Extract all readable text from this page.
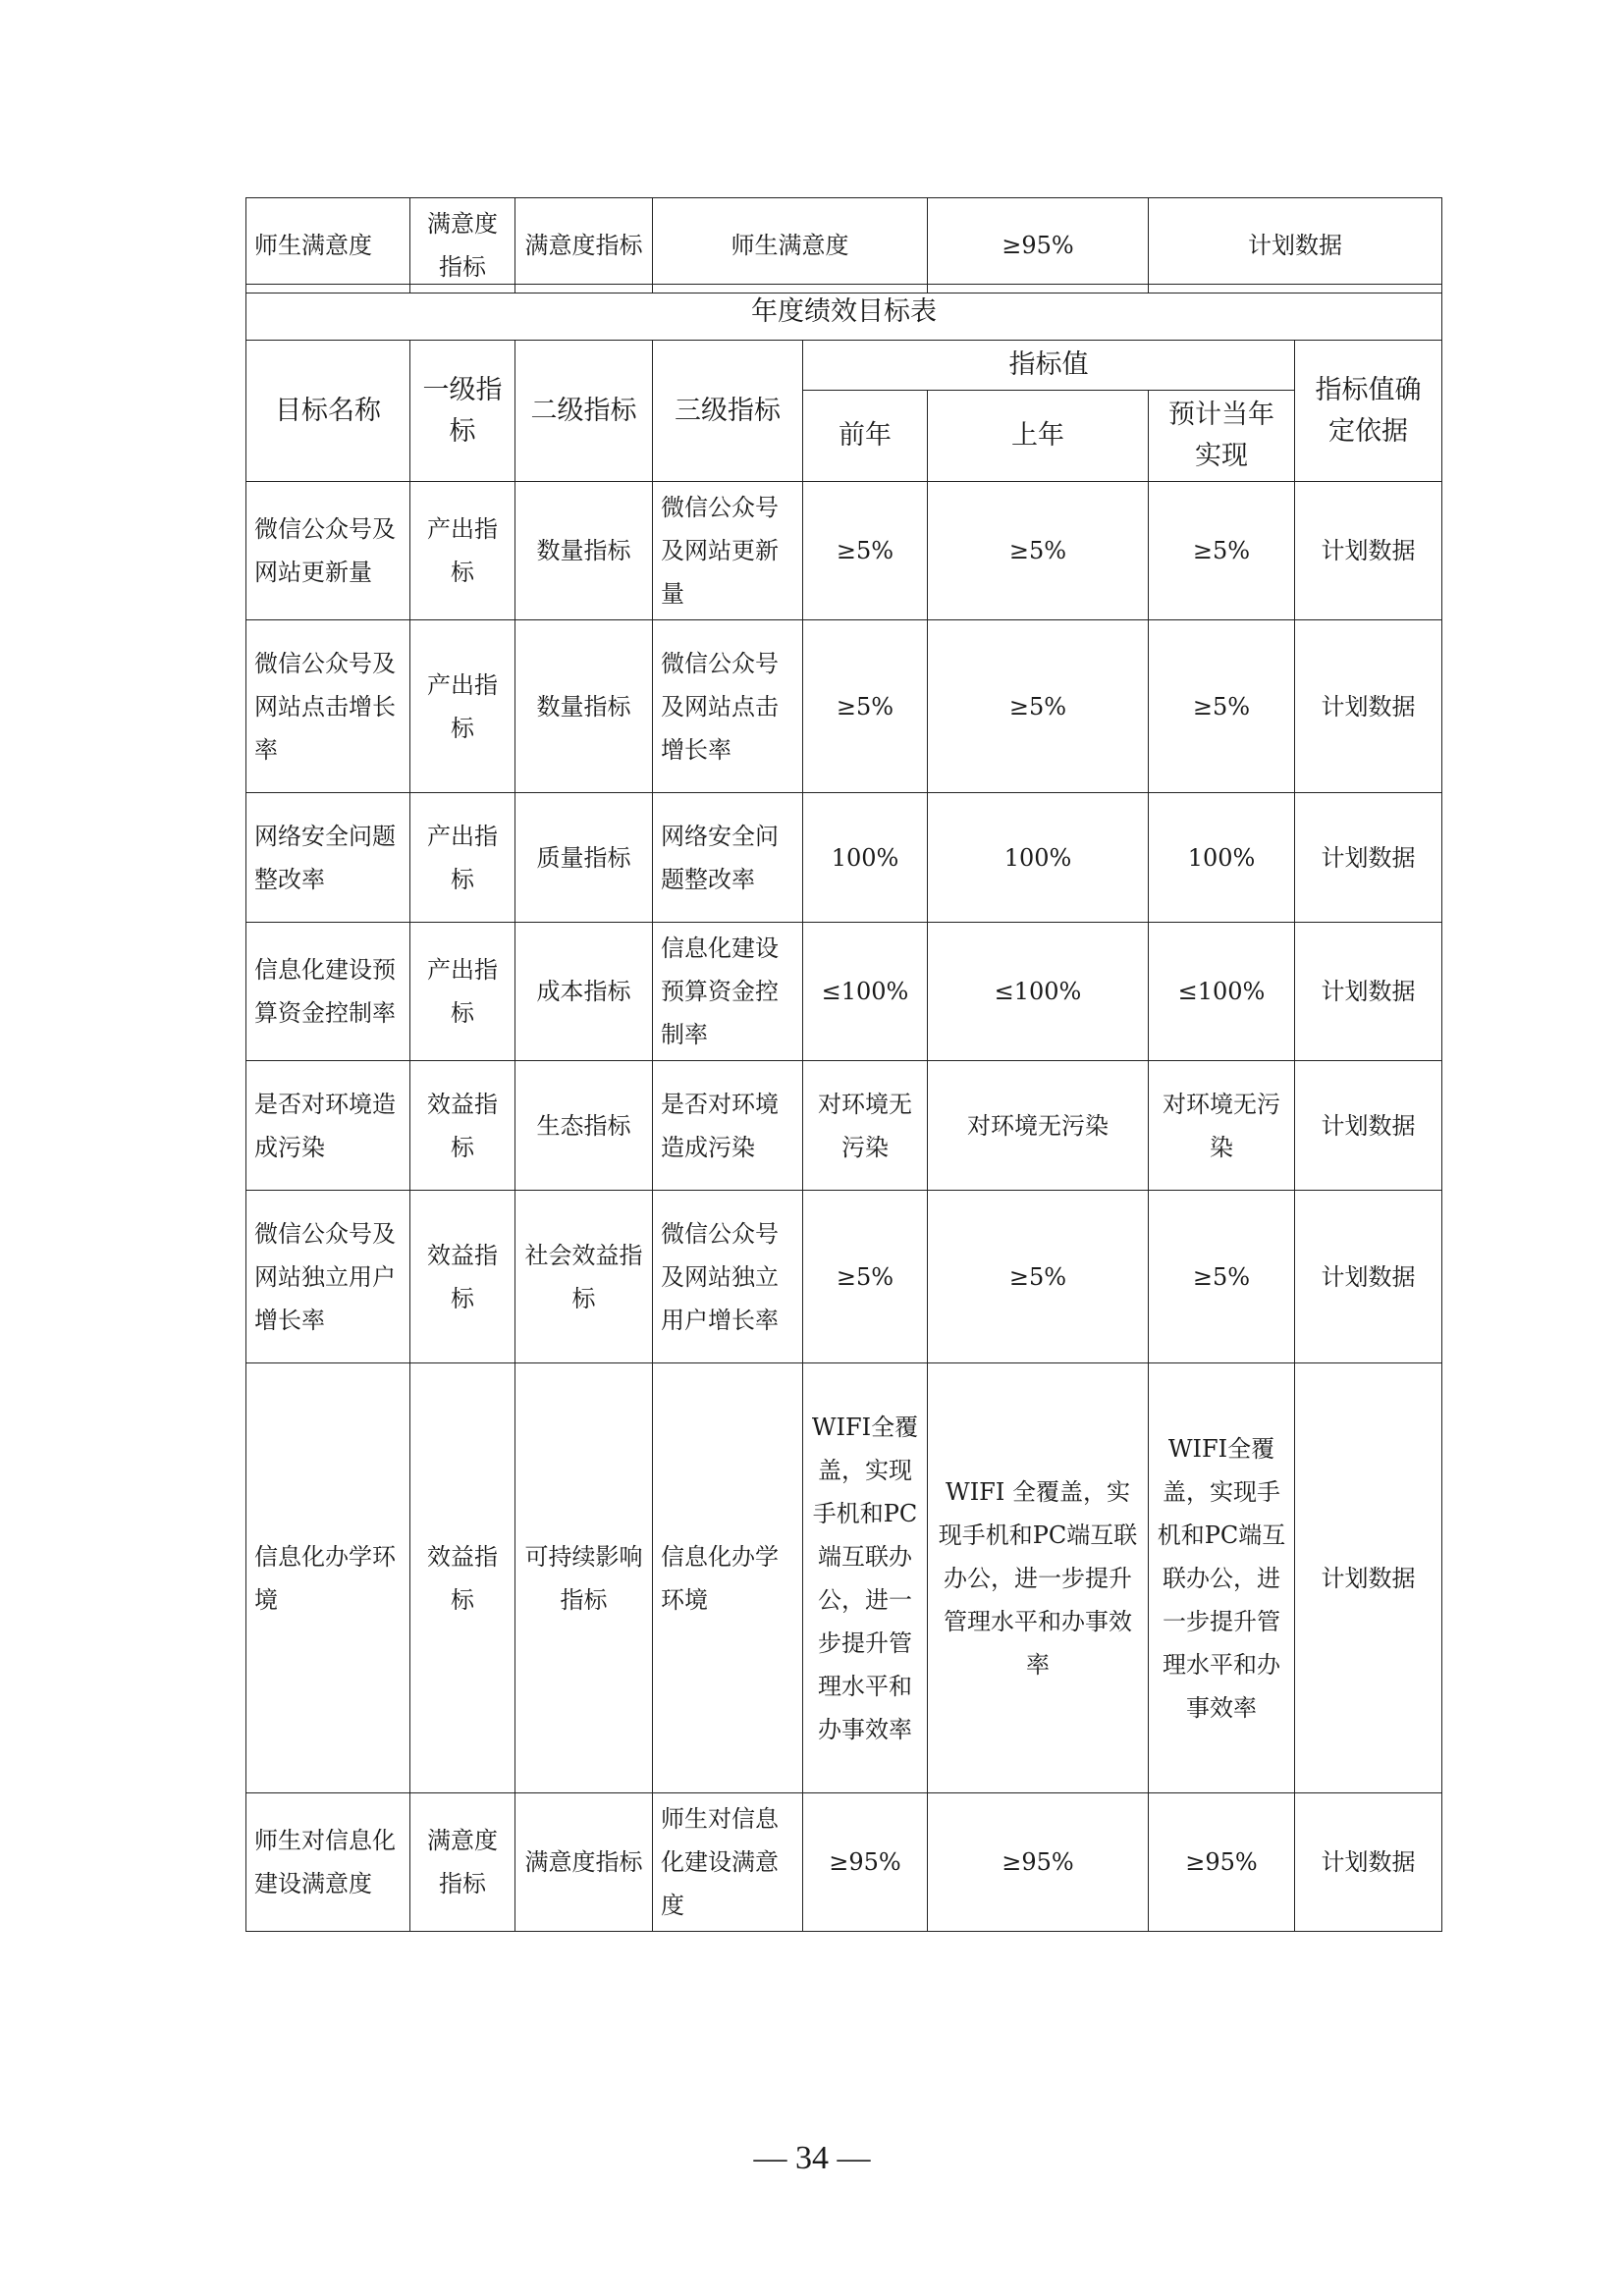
师生满意度	满意度指标	满意度指标	师生满意度	≥95%	计划数据
年度绩效目标表							
目标名称	一级指标	二级指标	三级指标	指标值			指标值确定依据
				前年	上年	预计当年实现	
微信公众号及网站更新量	产出指标	数量指标	微信公众号及网站更新量	≥5%	≥5%	≥5%	计划数据
微信公众号及网站点击增长率	产出指标	数量指标	微信公众号及网站点击增长率	≥5%	≥5%	≥5%	计划数据
网络安全问题整改率	产出指标	质量指标	网络安全问题整改率	100%	100%	100%	计划数据
信息化建设预算资金控制率	产出指标	成本指标	信息化建设预算资金控制率	≤100%	≤100%	≤100%	计划数据
是否对环境造成污染	效益指标	生态指标	是否对环境造成污染	对环境无污染	对环境无污染	对环境无污染	计划数据
微信公众号及网站独立用户增长率	效益指标	社会效益指标	微信公众号及网站独立用户增长率	≥5%	≥5%	≥5%	计划数据
信息化办学环境	效益指标	可持续影响指标	信息化办学环境	WIFI全覆盖，实现手机和PC端互联办公，进一步提升管理水平和办事效率	WIFI 全覆盖，实现手机和PC端互联办公，进一步提升管理水平和办事效率	WIFI全覆盖，实现手机和PC端互联办公，进一步提升管理水平和办事效率	计划数据
师生对信息化建设满意度	满意度指标	满意度指标	师生对信息化建设满意度	≥95%	≥95%	≥95%	计划数据
— 34 —
